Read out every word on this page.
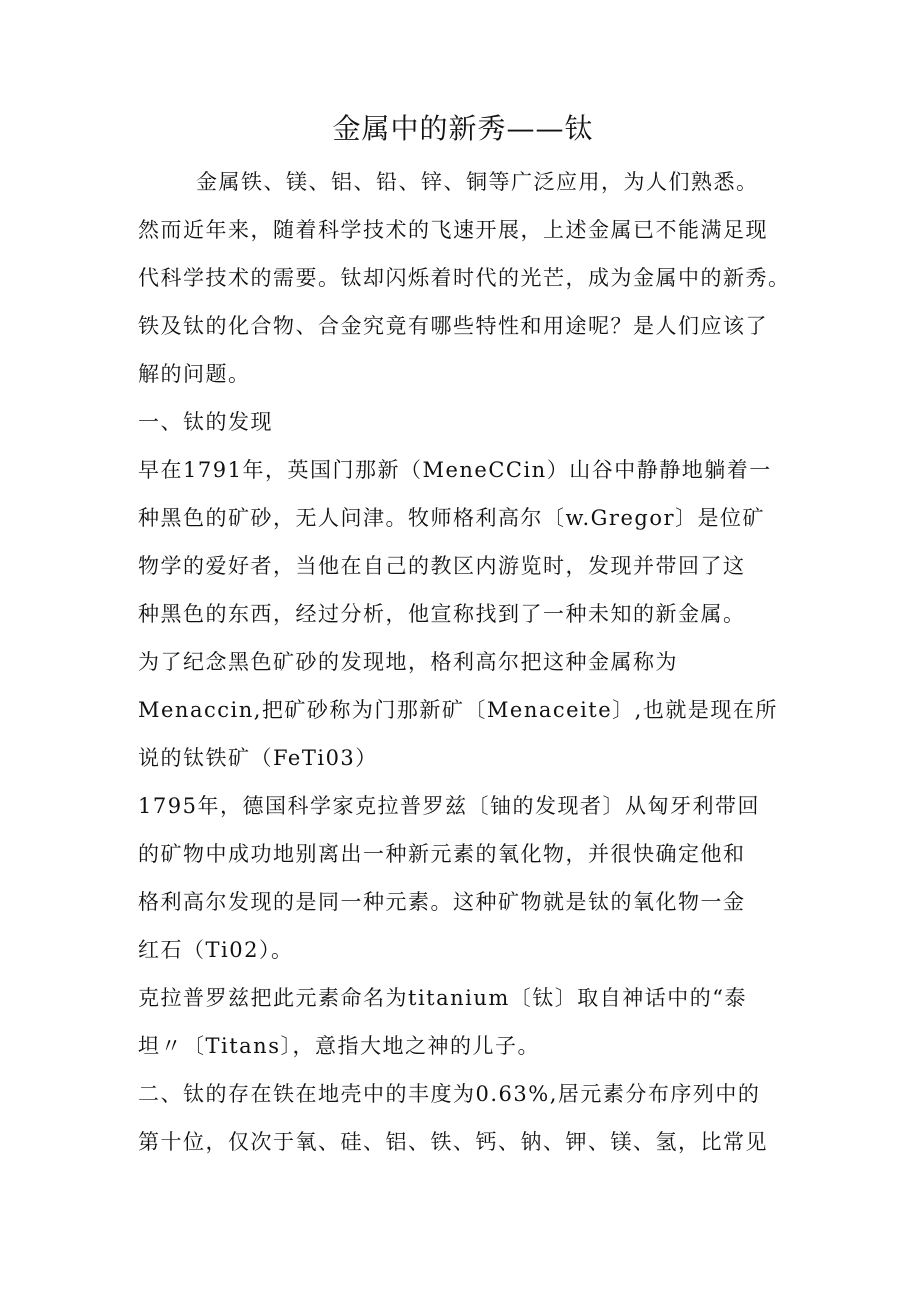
金属中的新秀——钛

金属铁、镁、铝、铅、锌、铜等广泛应用，为人们熟悉。

然而近年来，随着科学技术的飞速开展，上述金属已不能满足现

代科学技术的需要。钛却闪烁着时代的光芒，成为金属中的新秀。

铁及钛的化合物、合金究竟有哪些特性和用途呢？是人们应该了

解的问题。

一、钛的发现

早在1791年，英国门那新（MeneCCin）山谷中静静地躺着一

种黑色的矿砂，无人问津。牧师格利高尔〔w.Gregor〕是位矿

物学的爱好者，当他在自己的教区内游览时，发现并带回了这

种黑色的东西，经过分析，他宣称找到了一种未知的新金属。

为了纪念黑色矿砂的发现地，格利高尔把这种金属称为

Menaccin,把矿砂称为门那新矿〔Menaceite〕,也就是现在所

说的钛铁矿（FeTi03）

1795年，德国科学家克拉普罗兹〔铀的发现者〕从匈牙利带回

的矿物中成功地别离出一种新元素的氧化物，并很快确定他和

格利高尔发现的是同一种元素。这种矿物就是钛的氧化物一金

红石（Ti02）。

克拉普罗兹把此元素命名为titanium〔钛〕取自神话中的“泰

坦〃〔Titans〕，意指大地之神的儿子。

二、钛的存在铁在地壳中的丰度为0.63%,居元素分布序列中的

第十位，仅次于氧、硅、铝、铁、钙、钠、钾、镁、氢，比常见
